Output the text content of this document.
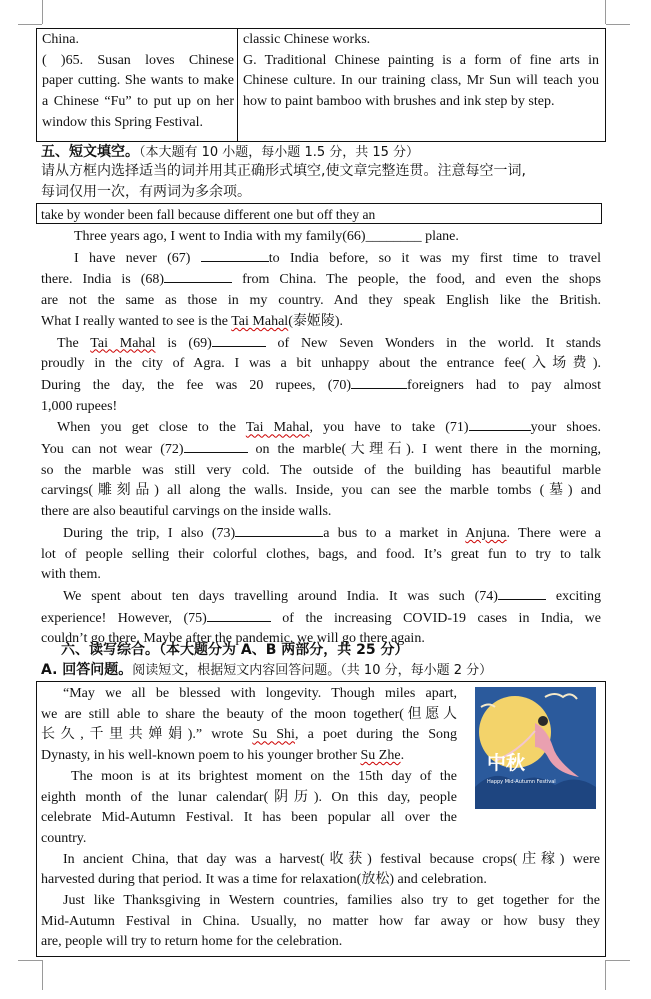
China.
( )65. Susan loves Chinese
paper cutting. She wants to make
a Chinese “Fu” to put up on her
window this Spring Festival.
classic Chinese works.
G. Traditional Chinese painting is a form of fine arts in
Chinese culture. In our training class, Mr Sun will teach you
how to paint bamboo with brushes and ink step by step.
五、短文填空。（本大题有 10 小题，每小题 1.5 分，共 15 分）
请从方框内选择适当的词并用其正确形式填空,使文章完整连贯。注意每空一词,
每词仅用一次，有两词为多余项。
take by wonder been fall because different one but off they an
Three years ago, I went to India with my family(66)________ plane.
I have never (67)	to India before, so it was my first time to travel
there. India is (68)	from China. The people, the food, and even the shops
are not the same as those in my country. And they speak English like the British.
What I really wanted to see is the Tai Mahal(泰姬陵).
The Tai Mahal is (69)	of New Seven Wonders in the world. It stands
proudly in the city of Agra. I was a bit unhappy about the entrance fee(入场费).
During the day, the fee was 20 rupees, (70)	foreigners had to pay almost
1,000 rupees!
When you get close to the Tai Mahal, you have to take (71)	your shoes.
You can not wear (72)	on the marble(大理石). I went there in the morning,
so the marble was still very cold. The outside of the building has beautiful marble
carvings(雕刻品) all along the walls. Inside, you can see the marble tombs (墓) and
there are also beautiful carvings on the inside walls.
During the trip, I also (73)	a bus to a market in Anjuna. There were a
lot of people selling their colorful clothes, bags, and food. It’s great fun to try to talk
with them.
We spent about ten days travelling around India. It was such (74)	exciting
experience! However, (75)	of the increasing COVID-19 cases in India, we
couldn’t go there. Maybe after the pandemic, we will go there again.
六、读写综合。（本大题分为 A、B 两部分，共 25 分）
A. 回答问题。阅读短文，根据短文内容回答问题。（共 10 分，每小题 2 分）
中秋
Happy Mid-Autumn Festival
“May we all be blessed with longevity. Though miles apart,
we are still able to share the beauty of the moon together(但愿人
长久,千里共婵娟).” wrote Su Shi, a poet during the Song
Dynasty, in his well-known poem to his younger brother Su Zhe.
The moon is at its brightest moment on the 15th day of the
eighth month of the lunar calendar(阴历). On this day, people
celebrate Mid-Autumn Festival. It has been popular all over the
country.
In ancient China, that day was a harvest(收获) festival because crops(庄稼) were
harvested during that period. It was a time for relaxation(放松) and celebration.
Just like Thanksgiving in Western countries, families also try to get together for the
Mid-Autumn Festival in China. Usually, no matter how far away or how busy they
are, people will try to return home for the celebration.
